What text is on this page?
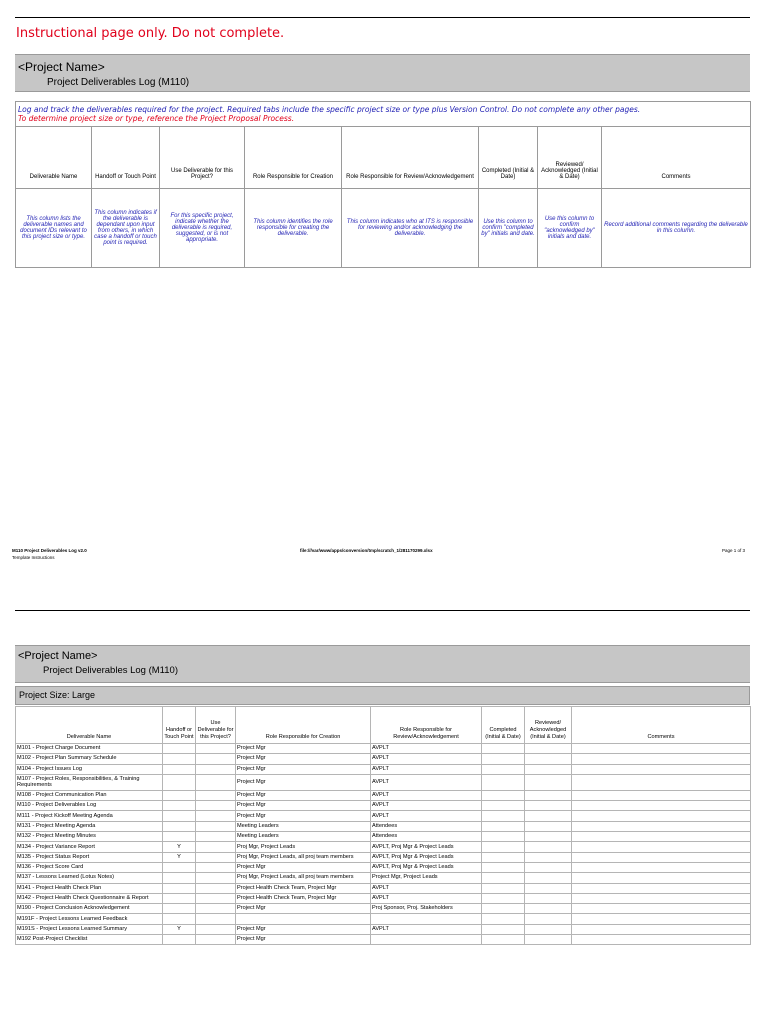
Instructional page only. Do not complete.
<Project Name>
Project Deliverables Log (M110)
Log and track the deliverables required for the project. Required tabs include the specific project size or type plus Version Control. Do not complete any other pages.
To determine project size or type, reference the Project Proposal Process.							

Deliverable Name	Handoff or Touch Point	Use Deliverable for this Project?	Role Responsible for Creation	Role Responsible for Review/Acknowledgement	Completed (Initial & Date)	Reviewed/ Acknowledged (Initial & Date)	Comments
This column lists the deliverable names and document IDs relevant to this project size or type.	This column indicates if the deliverable is dependant upon input from others, in which case a handoff or touch point is required.	For this specific project, indicate whether the deliverable is required, suggested, or is not appropriate.	This column identifies the role responsible for creating the deliverable.	This column indicates who at ITS is responsible for reviewing and/or acknowledging the deliverable.	Use this column to confirm "completed by" initials and date.	Use this column to confirm "acknowledged by" initials and date.	Record additional comments regarding the deliverable in this column.
M110 Project Deliverables Log v2.0
Template Instructions
file:///var/www/apps/conversion/tmp/scratch_1/281170299.xlsx	Page 1 of 3
<Project Name>
Project Deliverables Log (M110)
Project Size: Large
Deliverable Name	Handoff or Touch Point	Use Deliverable for this Project?	Role Responsible for Creation	Role Responsible for Review/Acknowledgement	Completed (Initial & Date)	Reviewed/ Acknowledged (Initial & Date)	Comments
M101 - Project Charge Document			Project Mgr	AVPLT			
M102 - Project Plan Summary Schedule			Project Mgr	AVPLT			
M104 - Project Issues Log			Project Mgr	AVPLT			
M107 - Project Roles, Responsibilities, & Training Requirements			Project Mgr	AVPLT			
M108 - Project Communication Plan			Project Mgr	AVPLT			
M110 - Project Deliverables Log			Project Mgr	AVPLT			
M111 - Project Kickoff Meeting Agenda			Project Mgr	AVPLT			
M131 - Project Meeting Agenda			Meeting Leaders	Attendees			
M132 - Project Meeting Minutes			Meeting Leaders	Attendees			
M134 - Project Variance Report	Y		Proj Mgr, Project Leads	AVPLT, Proj Mgr & Project Leads			
M135 - Project Status Report	Y		Proj Mgr, Project Leads, all proj team members	AVPLT, Proj Mgr & Project Leads			
M136 - Project Score Card			Project Mgr	AVPLT, Proj Mgr & Project Leads			
M137 - Lessons Learned (Lotus Notes)			Proj Mgr, Project Leads, all proj team members	Project Mgr, Project Leads			
M141 - Project Health Check Plan			Project Health Check Team, Project Mgr	AVPLT			
M142 - Project Health Check Questionnaire & Report			Project Health Check Team, Project Mgr	AVPLT			
M190 - Project Conclusion Acknowledgement			Project Mgr	Proj Sponsor, Proj. Stakeholders			
M191F - Project Lessons Learned Feedback							
M191S - Project Lessons Learned Summary	Y		Project Mgr	AVPLT			
M192 Post-Project Checklist			Project Mgr				
